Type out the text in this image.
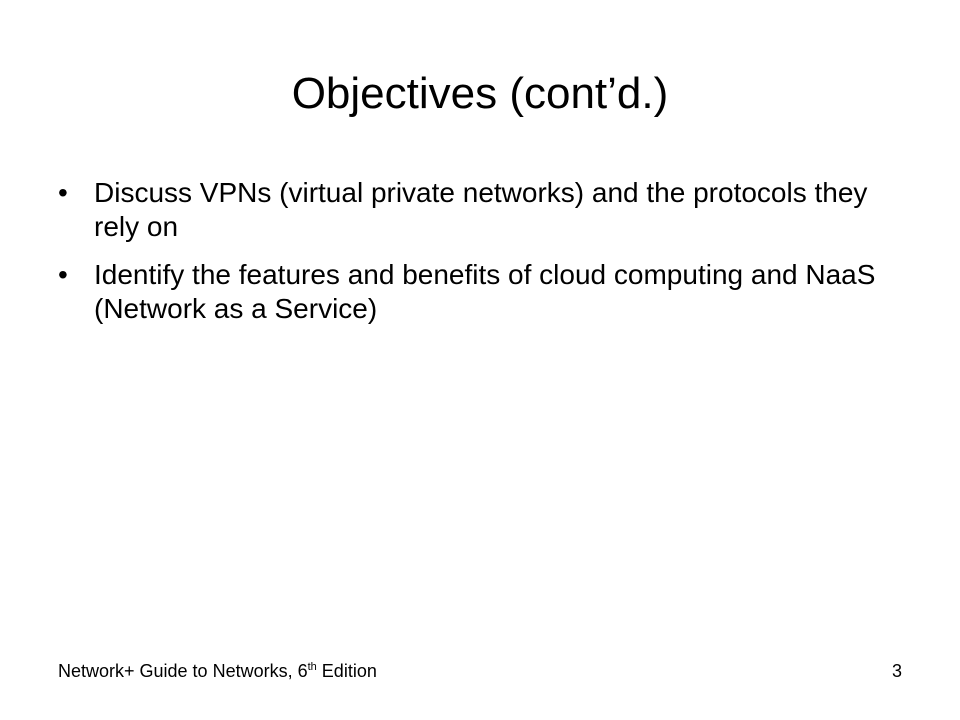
Objectives (cont’d.)
• Discuss VPNs (virtual private networks) and the protocols they rely on
• Identify the features and benefits of cloud computing and NaaS (Network as a Service)
Network+ Guide to Networks, 6th Edition	3
